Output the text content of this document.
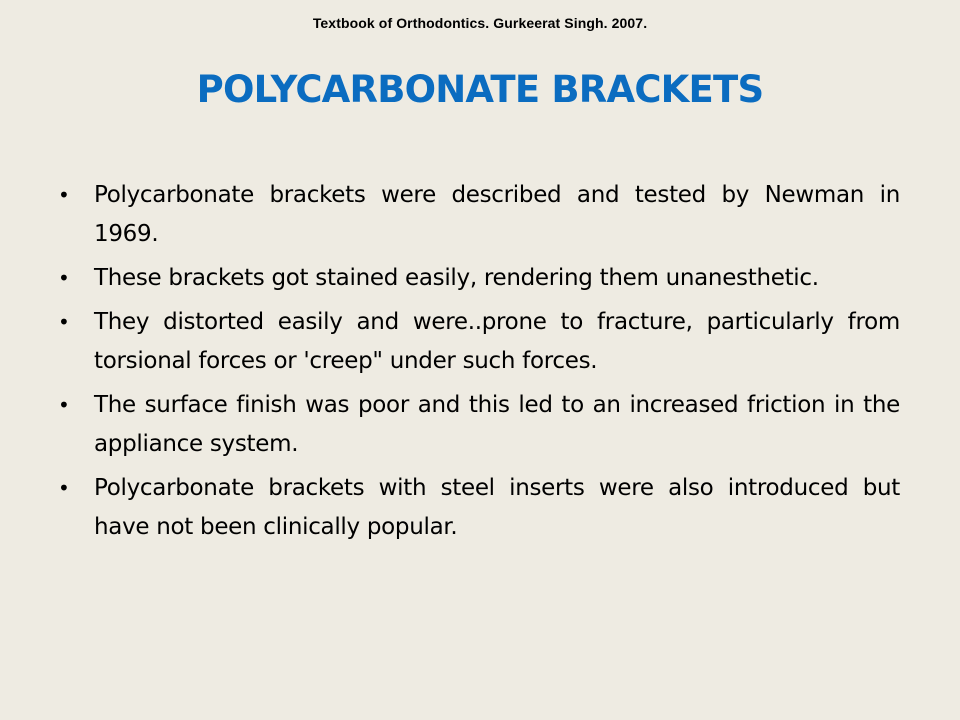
Textbook of Orthodontics. Gurkeerat Singh. 2007.
POLYCARBONATE BRACKETS
• Polycarbonate brackets were described and tested by Newman in 1969.
• These brackets got stained easily, rendering them unanesthetic.
• They distorted easily and were..prone to fracture, particularly from torsional forces or 'creep" under such forces.
• The surface finish was poor and this led to an increased friction in the appliance system.
• Polycarbonate brackets with steel inserts were also introduced but have not been clinically popular.
